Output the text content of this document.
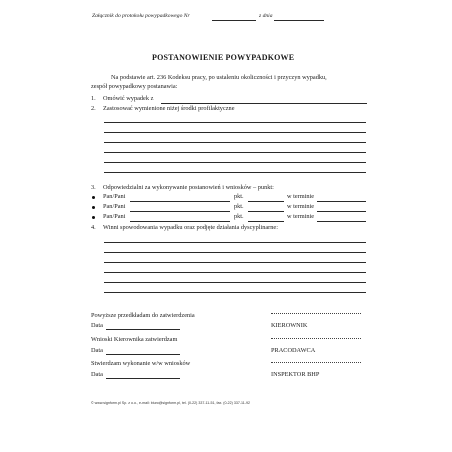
Załącznik do protokołu powypadkowego Nr	z dnia
POSTANOWIENIE POWYPADKOWE
Na podstawie art. 236 Kodeksu pracy, po ustaleniu okoliczności i przyczyn wypadku,
zespół powypadkowy postanawia:
1. Omówić wypadek z
2. Zastosować wymienione niżej środki profilaktyczne
3. Odpowiedzialni za wykonywanie postanowień i wniosków – punkt:
Pan/Pani	pkt.	w terminie
Pan/Pani	pkt.	w terminie
Pan/Pani	pkt.	w terminie
4. Winni spowodowania wypadku oraz podjęte działania dyscyplinarne:
Powyższe przedkładam do zatwierdzenia
Data	KIEROWNIK
Wnioski Kierownika zatwierdzam
Data	PRACODAWCA
Stwierdzam wykonanie w/w wniosków
Data	INSPEKTOR BHP
© www.signform.pl Sp. z o.o., e-mail: biuro@signform.pl, tel. (0-22) 337-11-51, fax. (0-22) 337-11-92
